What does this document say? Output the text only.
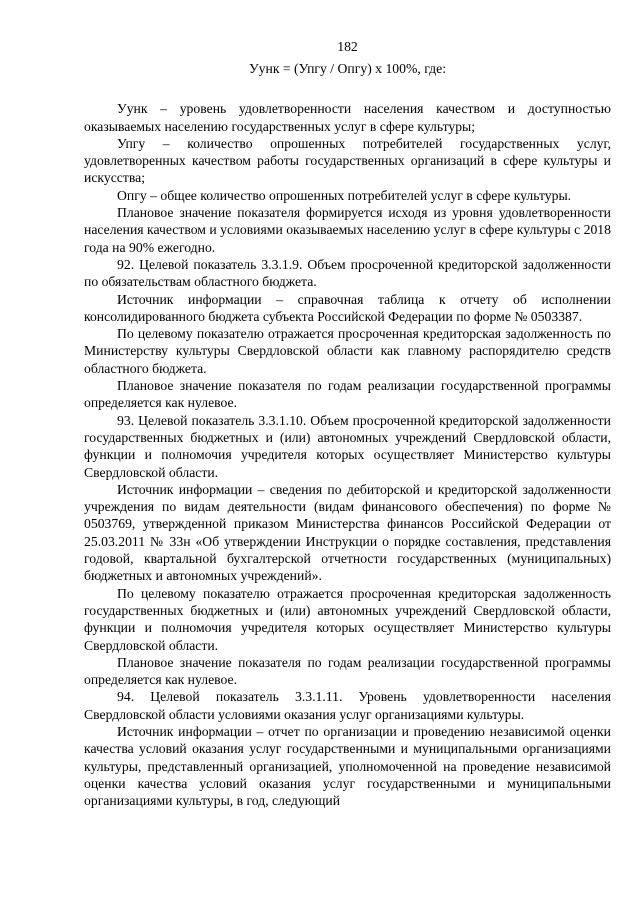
182

Уунк = (Упгу / Опгу) х 100%, где:

Уунк – уровень удовлетворенности населения качеством и доступностью оказываемых населению государственных услуг в сфере культуры;

Упгу – количество опрошенных потребителей государственных услуг, удовлетворенных качеством работы государственных организаций в сфере культуры и искусства;

Опгу – общее количество опрошенных потребителей услуг в сфере культуры.

Плановое значение показателя формируется исходя из уровня удовлетворенности населения качеством и условиями оказываемых населению услуг в сфере культуры с 2018 года на 90% ежегодно.

92. Целевой показатель 3.3.1.9. Объем просроченной кредиторской задолженности по обязательствам областного бюджета.

Источник информации – справочная таблица к отчету об исполнении консолидированного бюджета субъекта Российской Федерации по форме № 0503387.

По целевому показателю отражается просроченная кредиторская задолженность по Министерству культуры Свердловской области как главному распорядителю средств областного бюджета.

Плановое значение показателя по годам реализации государственной программы определяется как нулевое.

93. Целевой показатель 3.3.1.10. Объем просроченной кредиторской задолженности государственных бюджетных и (или) автономных учреждений Свердловской области, функции и полномочия учредителя которых осуществляет Министерство культуры Свердловской области.

Источник информации – сведения по дебиторской и кредиторской задолженности учреждения по видам деятельности (видам финансового обеспечения) по форме № 0503769, утвержденной приказом Министерства финансов Российской Федерации от 25.03.2011 № 33н «Об утверждении Инструкции о порядке составления, представления годовой, квартальной бухгалтерской отчетности государственных (муниципальных) бюджетных и автономных учреждений».

По целевому показателю отражается просроченная кредиторская задолженность государственных бюджетных и (или) автономных учреждений Свердловской области, функции и полномочия учредителя которых осуществляет Министерство культуры Свердловской области.

Плановое значение показателя по годам реализации государственной программы определяется как нулевое.

94. Целевой показатель 3.3.1.11. Уровень удовлетворенности населения Свердловской области условиями оказания услуг организациями культуры.

Источник информации – отчет по организации и проведению независимой оценки качества условий оказания услуг государственными и муниципальными организациями культуры, представленный организацией, уполномоченной на проведение независимой оценки качества условий оказания услуг государственными и муниципальными организациями культуры, в год, следующий
